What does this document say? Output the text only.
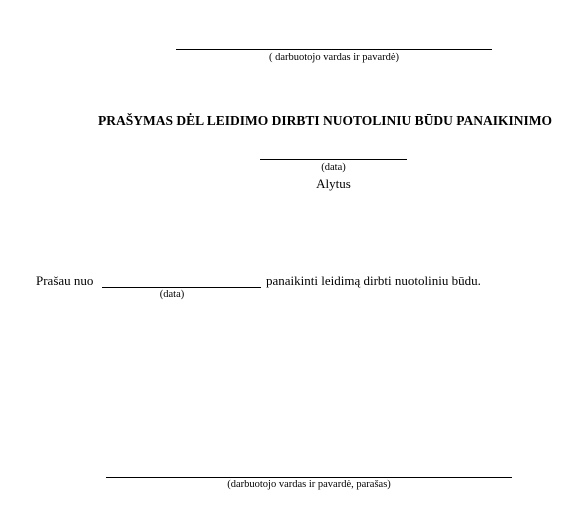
( darbuotojo vardas ir pavardė)
PRAŠYMAS DĖL LEIDIMO DIRBTI NUOTOLINIU BŪDU PANAIKINIMO
(data)
Alytus
Prašau nuo
(data)
panaikinti leidimą dirbti nuotoliniu būdu.
(darbuotojo vardas ir pavardė, parašas)
